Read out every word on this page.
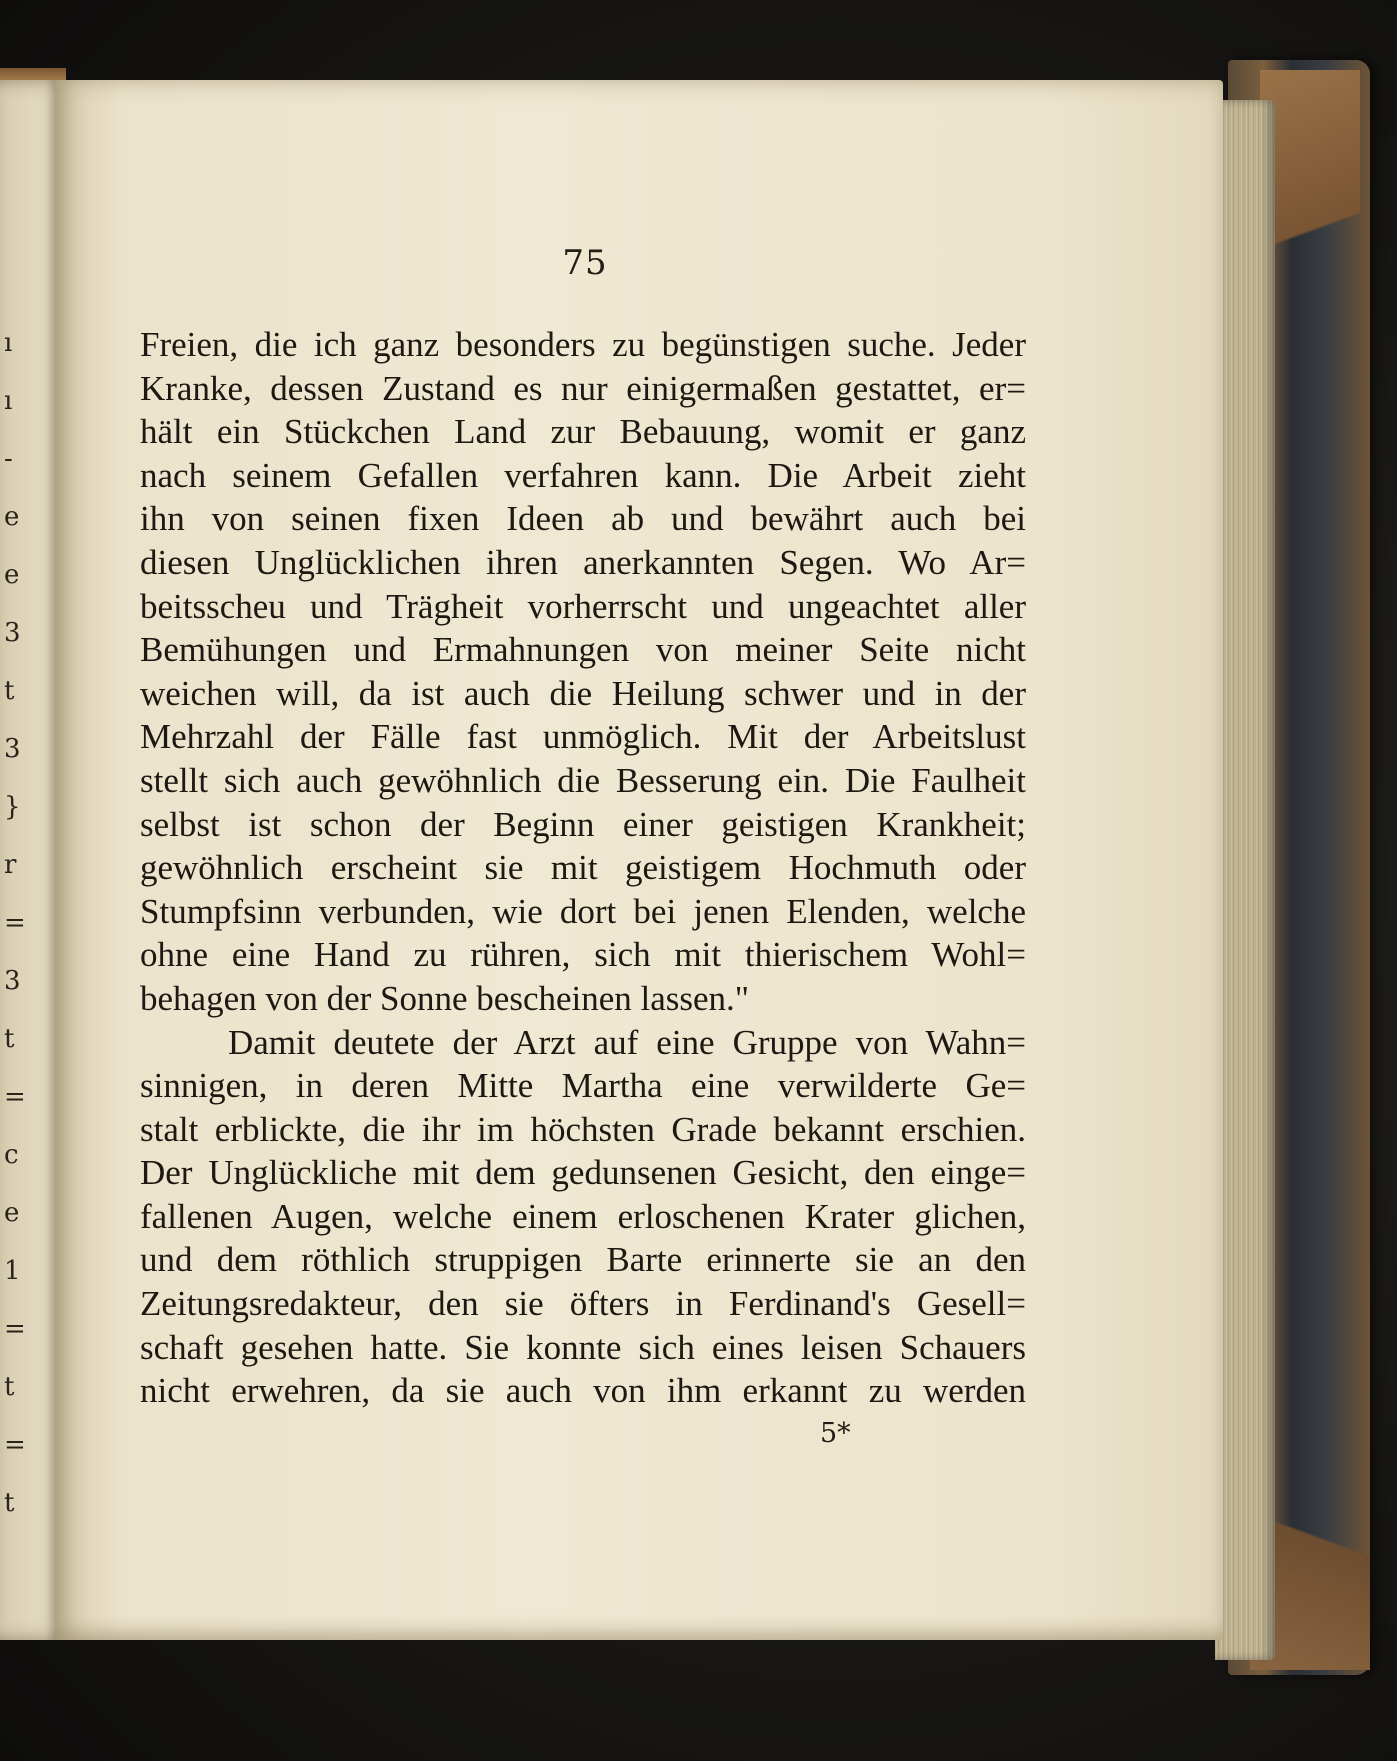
ı
ı
-
e
e
3
t
3
}
r
=
3
t
=
c
e
1
=
t
=
t
75
Freien, die ich ganz besonders zu begünstigen suche. Jeder
Kranke, dessen Zustand es nur einigermaßen gestattet, er=
hält ein Stückchen Land zur Bebauung, womit er ganz
nach seinem Gefallen verfahren kann. Die Arbeit zieht
ihn von seinen fixen Ideen ab und bewährt auch bei
diesen Unglücklichen ihren anerkannten Segen. Wo Ar=
beitsscheu und Trägheit vorherrscht und ungeachtet aller
Bemühungen und Ermahnungen von meiner Seite nicht
weichen will, da ist auch die Heilung schwer und in der
Mehrzahl der Fälle fast unmöglich. Mit der Arbeitslust
stellt sich auch gewöhnlich die Besserung ein. Die Faulheit
selbst ist schon der Beginn einer geistigen Krankheit;
gewöhnlich erscheint sie mit geistigem Hochmuth oder
Stumpfsinn verbunden, wie dort bei jenen Elenden, welche
ohne eine Hand zu rühren, sich mit thierischem Wohl=
behagen von der Sonne bescheinen lassen."
Damit deutete der Arzt auf eine Gruppe von Wahn=
sinnigen, in deren Mitte Martha eine verwilderte Ge=
stalt erblickte, die ihr im höchsten Grade bekannt erschien.
Der Unglückliche mit dem gedunsenen Gesicht, den einge=
fallenen Augen, welche einem erloschenen Krater glichen,
und dem röthlich struppigen Barte erinnerte sie an den
Zeitungsredakteur, den sie öfters in Ferdinand's Gesell=
schaft gesehen hatte. Sie konnte sich eines leisen Schauers
nicht erwehren, da sie auch von ihm erkannt zu werden
5*
